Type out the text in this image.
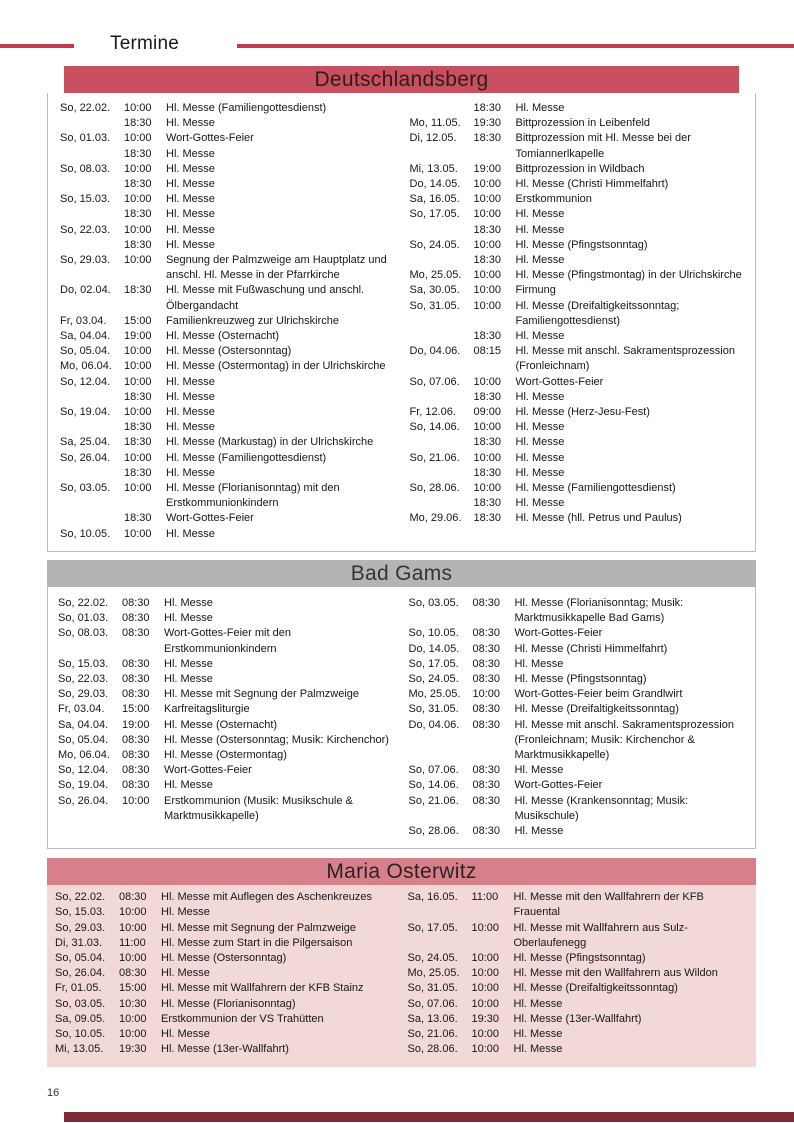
Termine
Deutschlandsberg
So, 22.02.	10:00	Hl. Messe (Familiengottesdienst)
18:30	Hl. Messe
So, 01.03.	10:00	Wort-Gottes-Feier
18:30	Hl. Messe
So, 08.03.	10:00	Hl. Messe
18:30	Hl. Messe
So, 15.03.	10:00	Hl. Messe
18:30	Hl. Messe
So, 22.03.	10:00	Hl. Messe
18:30	Hl. Messe
So, 29.03.	10:00	Segnung der Palmzweige am Hauptplatz und anschl. Hl. Messe in der Pfarrkirche
Do, 02.04.	18:30	Hl. Messe mit Fußwaschung und anschl. Ölbergandacht
Fr, 03.04.	15:00	Familienkreuzweg zur Ulrichskirche
Sa, 04.04.	19:00	Hl. Messe (Osternacht)
So, 05.04.	10:00	Hl. Messe (Ostersonntag)
Mo, 06.04.	10:00	Hl. Messe (Ostermontag) in der Ulrichskirche
So, 12.04.	10:00	Hl. Messe
18:30	Hl. Messe
So, 19.04.	10:00	Hl. Messe
18:30	Hl. Messe
Sa, 25.04.	18:30	Hl. Messe (Markustag) in der Ulrichskirche
So, 26.04.	10:00	Hl. Messe (Familiengottesdienst)
18:30	Hl. Messe
So, 03.05.	10:00	Hl. Messe (Florianisonntag) mit den Erstkommunionkindern
18:30	Wort-Gottes-Feier
So, 10.05.	10:00	Hl. Messe
18:30	Hl. Messe
Mo, 11.05.	19:30	Bittprozession in Leibenfeld
Di, 12.05.	18:30	Bittprozession mit Hl. Messe bei der Tomiannerlkapelle
Mi, 13.05.	19:00	Bittprozession in Wildbach
Do, 14.05.	10:00	Hl. Messe (Christi Himmelfahrt)
Sa, 16.05.	10:00	Erstkommunion
So, 17.05.	10:00	Hl. Messe
18:30	Hl. Messe
So, 24.05.	10:00	Hl. Messe (Pfingstsonntag)
18:30	Hl. Messe
Mo, 25.05.	10:00	Hl. Messe (Pfingstmontag) in der Ulrichskirche
Sa, 30.05.	10:00	Firmung
So, 31.05.	10:00	Hl. Messe (Dreifaltigkeitssonntag; Familiengottesdienst)
18:30	Hl. Messe
Do, 04.06.	08:15	Hl. Messe mit anschl. Sakramentsprozession (Fronleichnam)
So, 07.06.	10:00	Wort-Gottes-Feier
18:30	Hl. Messe
Fr, 12.06.	09:00	Hl. Messe (Herz-Jesu-Fest)
So, 14.06.	10:00	Hl. Messe
18:30	Hl. Messe
So, 21.06.	10:00	Hl. Messe
18:30	Hl. Messe
So, 28.06.	10:00	Hl. Messe (Familiengottesdienst)
18:30	Hl. Messe
Mo, 29.06.	18:30	Hl. Messe (hll. Petrus und Paulus)
Bad Gams
So, 22.02.	08:30	Hl. Messe
So, 01.03.	08:30	Hl. Messe
So, 08.03.	08:30	Wort-Gottes-Feier mit den Erstkommunionkindern
So, 15.03.	08:30	Hl. Messe
So, 22.03.	08:30	Hl. Messe
So, 29.03.	08:30	Hl. Messe mit Segnung der Palmzweige
Fr, 03.04.	15:00	Karfreitagsliturgie
Sa, 04.04.	19:00	Hl. Messe (Osternacht)
So, 05.04.	08:30	Hl. Messe (Ostersonntag; Musik: Kirchenchor)
Mo, 06.04.	08:30	Hl. Messe (Ostermontag)
So, 12.04.	08:30	Wort-Gottes-Feier
So, 19.04.	08:30	Hl. Messe
So, 26.04.	10:00	Erstkommunion (Musik: Musikschule & Marktmusikkapelle)
So, 03.05.	08:30	Hl. Messe (Florianisonntag; Musik: Marktmusikkapelle Bad Gams)
So, 10.05.	08:30	Wort-Gottes-Feier
Do, 14.05.	08:30	Hl. Messe (Christi Himmelfahrt)
So, 17.05.	08:30	Hl. Messe
So, 24.05.	08:30	Hl. Messe (Pfingstsonntag)
Mo, 25.05.	10:00	Wort-Gottes-Feier beim Grandlwirt
So, 31.05.	08:30	Hl. Messe (Dreifaltigkeitssonntag)
Do, 04.06.	08:30	Hl. Messe mit anschl. Sakramentsprozession (Fronleichnam; Musik: Kirchenchor & Marktmusikkapelle)
So, 07.06.	08:30	Hl. Messe
So, 14.06.	08:30	Wort-Gottes-Feier
So, 21.06.	08:30	Hl. Messe (Krankensonntag; Musik: Musikschule)
So, 28.06.	08:30	Hl. Messe
Maria Osterwitz
So, 22.02.	08:30	Hl. Messe mit Auflegen des Aschenkreuzes
So, 15.03.	10:00	Hl. Messe
So, 29.03.	10:00	Hl. Messe mit Segnung der Palmzweige
Di, 31.03.	11:00	Hl. Messe zum Start in die Pilgersaison
So, 05.04.	10:00	Hl. Messe (Ostersonntag)
So, 26.04.	08:30	Hl. Messe
Fr, 01.05.	15:00	Hl. Messe mit Wallfahrern der KFB Stainz
So, 03.05.	10:30	Hl. Messe (Florianisonntag)
Sa, 09.05.	10:00	Erstkommunion der VS Trahütten
So, 10.05.	10:00	Hl. Messe
Mi, 13.05.	19:30	Hl. Messe (13er-Wallfahrt)
Sa, 16.05.	11:00	Hl. Messe mit den Wallfahrern der KFB Frauental
So, 17.05.	10:00	Hl. Messe mit Wallfahrern aus Sulz-Oberlaufenegg
So, 24.05.	10:00	Hl. Messe (Pfingstsonntag)
Mo, 25.05.	10:00	Hl. Messe mit den Wallfahrern aus Wildon
So, 31.05.	10:00	Hl. Messe (Dreifaltigkeitssonntag)
So, 07.06.	10:00	Hl. Messe
Sa, 13.06.	19:30	Hl. Messe (13er-Wallfahrt)
So, 21.06.	10:00	Hl. Messe
So, 28.06.	10:00	Hl. Messe
16
